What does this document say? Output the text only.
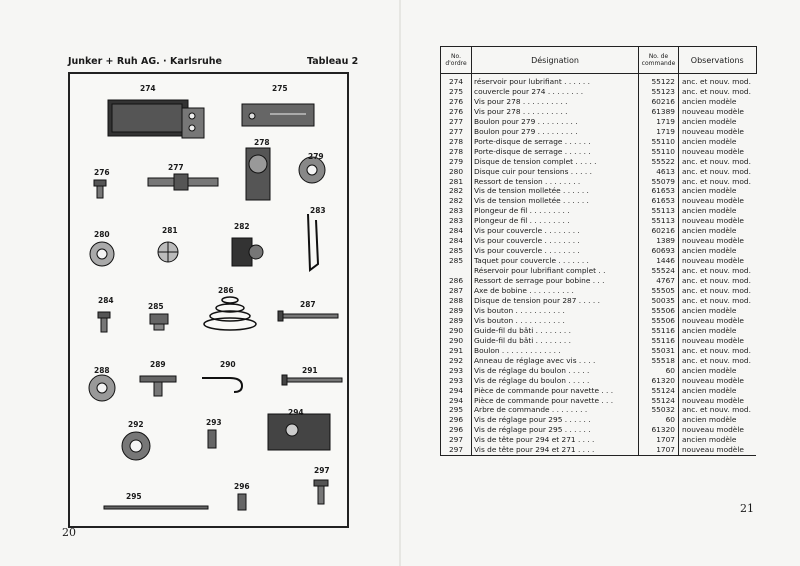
Junker + Ruh AG. · Karlsruhe	Tableau 2
274	275
276
277
278
279
280	281	282
283
284
285
286
287
288
289	290
291
292	293
294
295
296
297
20
No. d'ordre	Désignation	No. de commande	Observations
274	réservoir pour lubrifiant . . . . . .	55122	anc. et nouv. mod.
275	couvercle pour 274 . . . . . . . .	55123	anc. et nouv. mod.
276	Vis pour 278 . . . . . . . . . .	60216	ancien modèle
276	Vis pour 278 . . . . . . . . . .	61389	nouveau modèle
277	Boulon pour 279 . . . . . . . . .	1719	ancien modèle
277	Boulon pour 279 . . . . . . . . .	1719	nouveau modèle
278	Porte-disque de serrage . . . . . .	55110	ancien modèle
278	Porte-disque de serrage . . . . . .	55110	nouveau modèle
279	Disque de tension complet . . . . .	55522	anc. et nouv. mod.
280	Disque cuir pour tensions . . . . .	4613	anc. et nouv. mod.
281	Ressort de tension . . . . . . . .	55079	anc. et nouv. mod.
282	Vis de tension molletée . . . . . .	61653	ancien modèle
282	Vis de tension molletée . . . . . .	61653	nouveau modèle
283	Plongeur de fil . . . . . . . . .	55113	ancien modèle
283	Plongeur de fil . . . . . . . . .	55113	nouveau modèle
284	Vis pour couvercle . . . . . . . .	60216	ancien modèle
284	Vis pour couvercle . . . . . . . .	1389	nouveau modèle
285	Vis pour couvercle . . . . . . . .	60693	ancien modèle
285	Taquet pour couvercle . . . . . . .	1446	nouveau modèle
	Réservoir pour lubrifiant complet . .	55524	anc. et nouv. mod.
286	Ressort de serrage pour bobine . . .	4767	anc. et nouv. mod.
287	Axe de bobine . . . . . . . . . .	55505	anc. et nouv. mod.
288	Disque de tension pour 287 . . . . .	50035	anc. et nouv. mod.
289	Vis bouton . . . . . . . . . . .	55506	ancien modèle
289	Vis bouton . . . . . . . . . . .	55506	nouveau modèle
290	Guide-fil du bâti . . . . . . . .	55116	ancien modèle
290	Guide-fil du bâti . . . . . . . .	55116	nouveau modèle
291	Boulon . . . . . . . . . . . . .	55031	anc. et nouv. mod.
292	Anneau de réglage avec vis . . . .	55518	anc. et nouv. mod.
293	Vis de réglage du boulon . . . . .	60	ancien modèle
293	Vis de réglage du boulon . . . . .	61320	nouveau modèle
294	Pièce de commande pour navette . . .	55124	ancien modèle
294	Pièce de commande pour navette . . .	55124	nouveau modèle
295	Arbre de commande . . . . . . . .	55032	anc. et nouv. mod.
296	Vis de réglage pour 295 . . . . . .	60	ancien modèle
296	Vis de réglage pour 295 . . . . . .	61320	nouveau modèle
297	Vis de tête pour 294 et 271 . . . .	1707	ancien modèle
297	Vis de tête pour 294 et 271 . . . .	1707	nouveau modèle
21
